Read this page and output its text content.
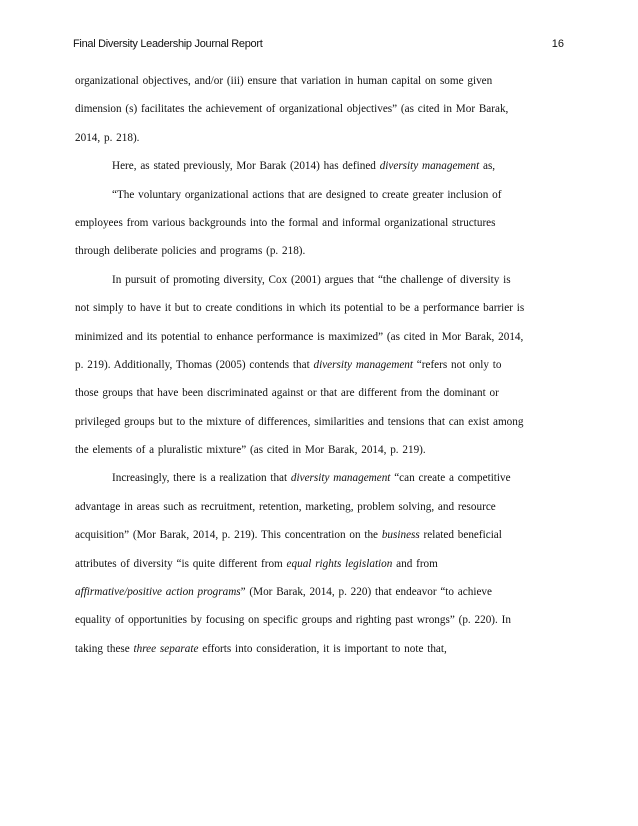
Final Diversity Leadership Journal Report	16
organizational objectives, and/or (iii) ensure that variation in human capital on some given
dimension (s) facilitates the achievement of organizational objectives” (as cited in Mor Barak,
2014, p. 218).
Here, as stated previously, Mor Barak (2014) has defined diversity management as,
“The voluntary organizational actions that are designed to create greater inclusion of
employees from various backgrounds into the formal and informal organizational structures
through deliberate policies and programs (p. 218).
In pursuit of promoting diversity, Cox (2001) argues that “the challenge of diversity is
not simply to have it but to create conditions in which its potential to be a performance barrier is
minimized and its potential to enhance performance is maximized” (as cited in Mor Barak, 2014,
p. 219). Additionally, Thomas (2005) contends that diversity management “refers not only to
those groups that have been discriminated against or that are different from the dominant or
privileged groups but to the mixture of differences, similarities and tensions that can exist among
the elements of a pluralistic mixture” (as cited in Mor Barak, 2014, p. 219).
Increasingly, there is a realization that diversity management “can create a competitive
advantage in areas such as recruitment, retention, marketing, problem solving, and resource
acquisition” (Mor Barak, 2014, p. 219). This concentration on the business related beneficial
attributes of diversity “is quite different from equal rights legislation and from
affirmative/positive action programs” (Mor Barak, 2014, p. 220) that endeavor “to achieve
equality of opportunities by focusing on specific groups and righting past wrongs” (p. 220). In
taking these three separate efforts into consideration, it is important to note that,
